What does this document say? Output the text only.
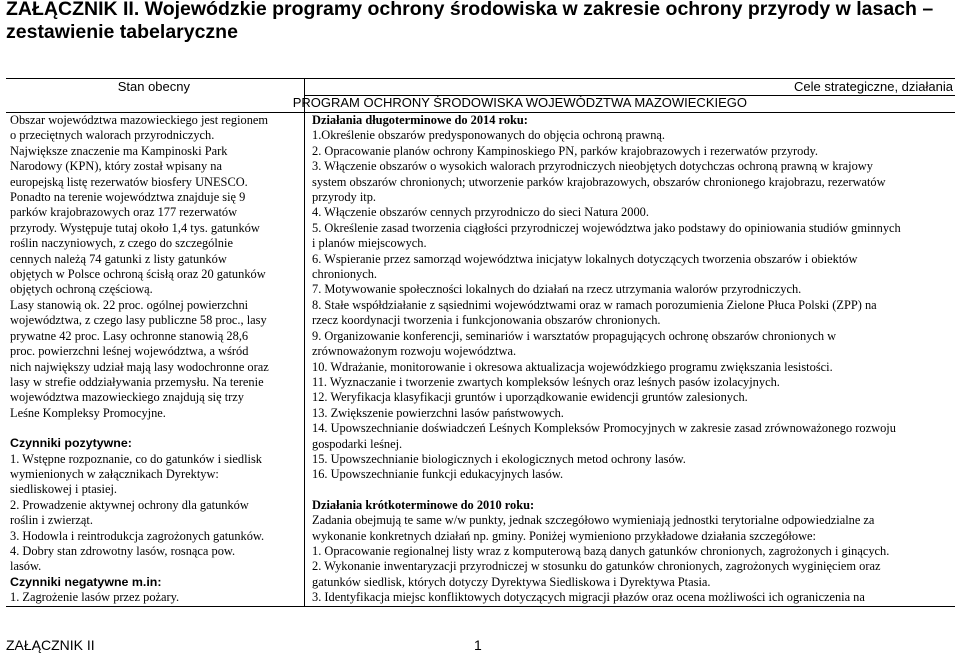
ZAŁĄCZNIK II. Wojewódzkie programy ochrony środowiska w zakresie ochrony przyrody w lasach – zestawienie tabelaryczne
Stan obecny	Cele strategiczne, działania
PROGRAM OCHRONY ŚRODOWISKA WOJEWÓDZTWA MAZOWIECKIEGO
Obszar województwa mazowieckiego jest regionem
o przeciętnych walorach przyrodniczych.
Największe znaczenie ma Kampinoski Park
Narodowy (KPN), który został wpisany na
europejską listę rezerwatów biosfery UNESCO.
Ponadto na terenie województwa znajduje się 9
parków krajobrazowych oraz 177 rezerwatów
przyrody. Występuje tutaj około 1,4 tys. gatunków
roślin naczyniowych, z czego do szczególnie
cennych należą 74 gatunki z listy gatunków
objętych w Polsce ochroną ścisłą oraz 20 gatunków
objętych ochroną częściową.
Lasy stanowią ok. 22 proc. ogólnej powierzchni
województwa, z czego lasy publiczne 58 proc., lasy
prywatne 42 proc. Lasy ochronne stanowią 28,6
proc. powierzchni leśnej województwa, a wśród
nich największy udział mają lasy wodochronne oraz
lasy w strefie oddziaływania przemysłu. Na terenie
województwa mazowieckiego znajdują się trzy
Leśne Kompleksy Promocyjne.

Czynniki pozytywne:

1. Wstępne rozpoznanie, co do gatunków i siedlisk
wymienionych w załącznikach Dyrektyw:
siedliskowej i ptasiej.
2. Prowadzenie aktywnej ochrony dla gatunków
roślin i zwierząt.
3. Hodowla i reintrodukcja zagrożonych gatunków.
4. Dobry stan zdrowotny lasów, rosnąca pow.
lasów.

Czynniki negatywne m.in:

1. Zagrożenie lasów przez pożary.

Działania długoterminowe do 2014 roku:

1.Określenie obszarów predysponowanych do objęcia ochroną prawną.
2. Opracowanie planów ochrony Kampinoskiego PN, parków krajobrazowych i rezerwatów przyrody.
3. Włączenie obszarów o wysokich walorach przyrodniczych nieobjętych dotychczas ochroną prawną w krajowy
system obszarów chronionych; utworzenie parków krajobrazowych, obszarów chronionego krajobrazu, rezerwatów
przyrody itp.
4. Włączenie obszarów cennych przyrodniczo do sieci Natura 2000.
5. Określenie zasad tworzenia ciągłości przyrodniczej województwa jako podstawy do opiniowania studiów gminnych
i planów miejscowych.
6. Wspieranie przez samorząd województwa inicjatyw lokalnych dotyczących tworzenia obszarów i obiektów
chronionych.
7. Motywowanie społeczności lokalnych do działań na rzecz utrzymania walorów przyrodniczych.
8. Stałe współdziałanie z sąsiednimi województwami oraz w ramach porozumienia Zielone Płuca Polski (ZPP) na
rzecz koordynacji tworzenia i funkcjonowania obszarów chronionych.
9. Organizowanie konferencji, seminariów i warsztatów propagujących ochronę obszarów chronionych w
zrównoważonym rozwoju województwa.
10. Wdrażanie, monitorowanie i okresowa aktualizacja wojewódzkiego programu zwiększania lesistości.
11. Wyznaczanie i tworzenie zwartych kompleksów leśnych oraz leśnych pasów izolacyjnych.
12. Weryfikacja klasyfikacji gruntów i uporządkowanie ewidencji gruntów zalesionych.
13. Zwiększenie powierzchni lasów państwowych.
14. Upowszechnianie doświadczeń Leśnych Kompleksów Promocyjnych w zakresie zasad zrównoważonego rozwoju
gospodarki leśnej.
15. Upowszechnianie biologicznych i ekologicznych metod ochrony lasów.
16. Upowszechnianie funkcji edukacyjnych lasów.

Działania krótkoterminowe do 2010 roku:

Zadania obejmują te same w/w punkty, jednak szczegółowo wymieniają jednostki terytorialne odpowiedzialne za
wykonanie konkretnych działań np. gminy. Poniżej wymieniono przykładowe działania szczegółowe:
1. Opracowanie regionalnej listy wraz z komputerową bazą danych gatunków chronionych, zagrożonych i ginących.
2. Wykonanie inwentaryzacji przyrodniczej w stosunku do gatunków chronionych, zagrożonych wyginięciem oraz
gatunków siedlisk, których dotyczy Dyrektywa Siedliskowa i Dyrektywa Ptasia.
3. Identyfikacja miejsc konfliktowych dotyczących migracji płazów oraz ocena możliwości ich ograniczenia na
ZAŁĄCZNIK II	1
